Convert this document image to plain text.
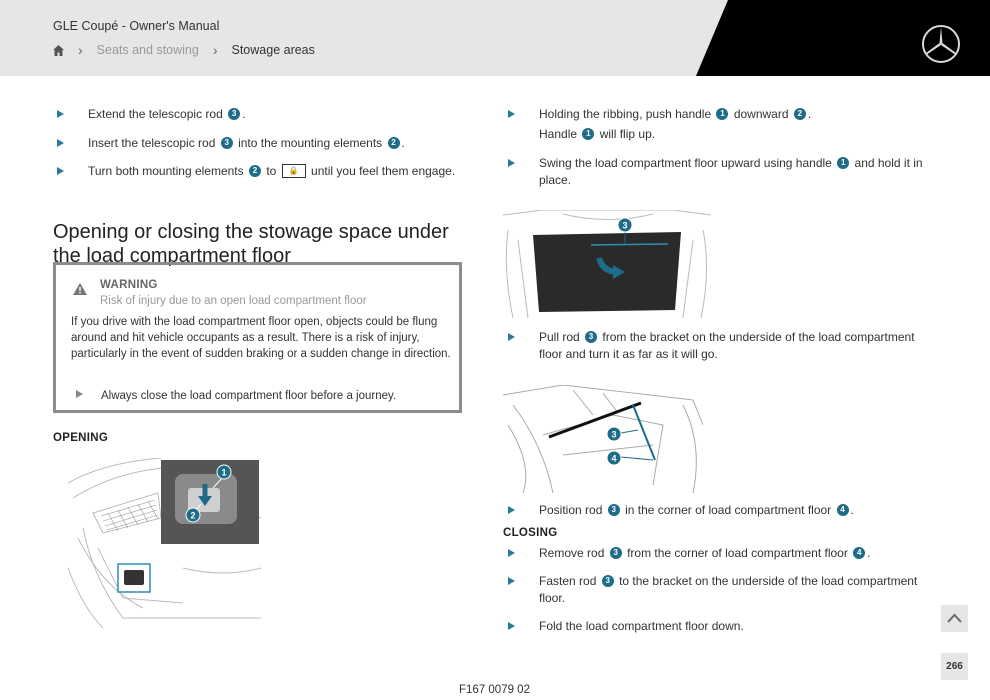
GLE Coupé - Owner's Manual
› Seats and stowing › Stowage areas
Extend the telescopic rod 3 .
Insert the telescopic rod 3 into the mounting elements 2 .
Turn both mounting elements 2 to 🔒 until you feel them engage.
Opening or closing the stowage space under the load compartment floor
WARNING
Risk of injury due to an open load compartment floor
If you drive with the load compartment floor open, objects could be flung around and hit vehicle occupants as a result. There is a risk of injury, particularly in the event of sudden braking or a sudden change in direction.
Always close the load compartment floor before a journey.
OPENING
1
2
Holding the ribbing, push handle 1 downward 2 .
Handle 1 will flip up.
Swing the load compartment floor upward using handle 1 and hold it in
place.
3
Pull rod 3 from the bracket on the underside of the load compartment
floor and turn it as far as it will go.
3
4
Position rod 3 in the corner of load compartment floor 4 .
CLOSING
Remove rod 3 from the corner of load compartment floor 4 .
Fasten rod 3 to the bracket on the underside of the load compartment
floor.
Fold the load compartment floor down.
266
F167 0079 02
